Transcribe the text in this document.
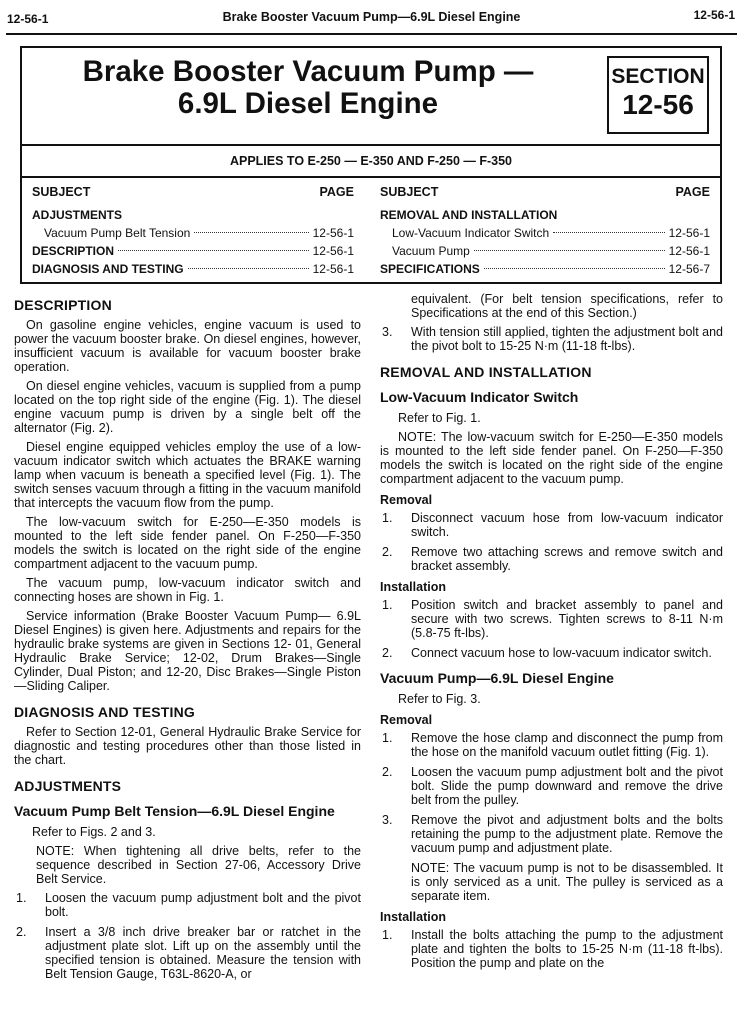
12-56-1	Brake Booster Vacuum Pump—6.9L Diesel Engine	12-56-1
Brake Booster Vacuum Pump —
6.9L Diesel Engine
SECTION
12-56
APPLIES TO E-250 — E-350 AND F-250 — F-350
SUBJECT	PAGE
ADJUSTMENTS
Vacuum Pump Belt Tension	12-56-1
DESCRIPTION	12-56-1
DIAGNOSIS AND TESTING	12-56-1
SUBJECT	PAGE
REMOVAL AND INSTALLATION
Low-Vacuum Indicator Switch	12-56-1
Vacuum Pump	12-56-1
SPECIFICATIONS	12-56-7
DESCRIPTION

On gasoline engine vehicles, engine vacuum is used to power the vacuum booster brake. On diesel engines, however, insufficient vacuum is available for vacuum booster brake operation.

On diesel engine vehicles, vacuum is supplied from a pump located on the top right side of the engine (Fig. 1). The diesel engine vacuum pump is driven by a single belt off the alternator (Fig. 2).

Diesel engine equipped vehicles employ the use of a low-vacuum indicator switch which actuates the BRAKE warning lamp when vacuum is beneath a specified level (Fig. 1). The switch senses vacuum through a fitting in the vacuum manifold that intercepts the vacuum flow from the pump.

The low-vacuum switch for E-250—E-350 models is mounted to the left side fender panel. On F-250—F-350 models the switch is located on the right side of the engine compartment adjacent to the vacuum pump.

The vacuum pump, low-vacuum indicator switch and connecting hoses are shown in Fig. 1.

Service information (Brake Booster Vacuum Pump— 6.9L Diesel Engines) is given here. Adjustments and repairs for the hydraulic brake systems are given in Sections 12- 01, General Hydraulic Brake Service; 12-02, Drum Brakes—Single Cylinder, Dual Piston; and 12-20, Disc Brakes—Single Piston—Sliding Caliper.

DIAGNOSIS AND TESTING

Refer to Section 12-01, General Hydraulic Brake Service for diagnostic and testing procedures other than those listed in the chart.

ADJUSTMENTS
Vacuum Pump Belt Tension—6.9L Diesel Engine

Refer to Figs. 2 and 3.

NOTE: When tightening all drive belts, refer to the sequence described in Section 27-06, Accessory Drive Belt Service.

1. Loosen the vacuum pump adjustment bolt and the pivot bolt.
2. Insert a 3/8 inch drive breaker bar or ratchet in the adjustment plate slot. Lift up on the assembly until the specified tension is obtained. Measure the tension with Belt Tension Gauge, T63L-8620-A, or

equivalent. (For belt tension specifications, refer to Specifications at the end of this Section.)

3. With tension still applied, tighten the adjustment bolt and the pivot bolt to 15-25 N·m (11-18 ft-lbs).
REMOVAL AND INSTALLATION
Low-Vacuum Indicator Switch

Refer to Fig. 1.

NOTE: The low-vacuum switch for E-250—E-350 models is mounted to the left side fender panel. On F-250—F-350 models the switch is located on the right side of the engine compartment adjacent to the vacuum pump.

Removal
1. Disconnect vacuum hose from low-vacuum indicator switch.
2. Remove two attaching screws and remove switch and bracket assembly.
Installation
1. Position switch and bracket assembly to panel and secure with two screws. Tighten screws to 8-11 N·m (5.8-75 ft-lbs).
2. Connect vacuum hose to low-vacuum indicator switch.
Vacuum Pump—6.9L Diesel Engine

Refer to Fig. 3.

Removal
1. Remove the hose clamp and disconnect the pump from the hose on the manifold vacuum outlet fitting (Fig. 1).
2. Loosen the vacuum pump adjustment bolt and the pivot bolt. Slide the pump downward and remove the drive belt from the pulley.
3. Remove the pivot and adjustment bolts and the bolts retaining the pump to the adjustment plate. Remove the vacuum pump and adjustment plate.

NOTE: The vacuum pump is not to be disassembled. It is only serviced as a unit. The pulley is serviced as a separate item.

Installation
1. Install the bolts attaching the pump to the adjustment plate and tighten the bolts to 15-25 N·m (11-18 ft-lbs). Position the pump and plate on the
